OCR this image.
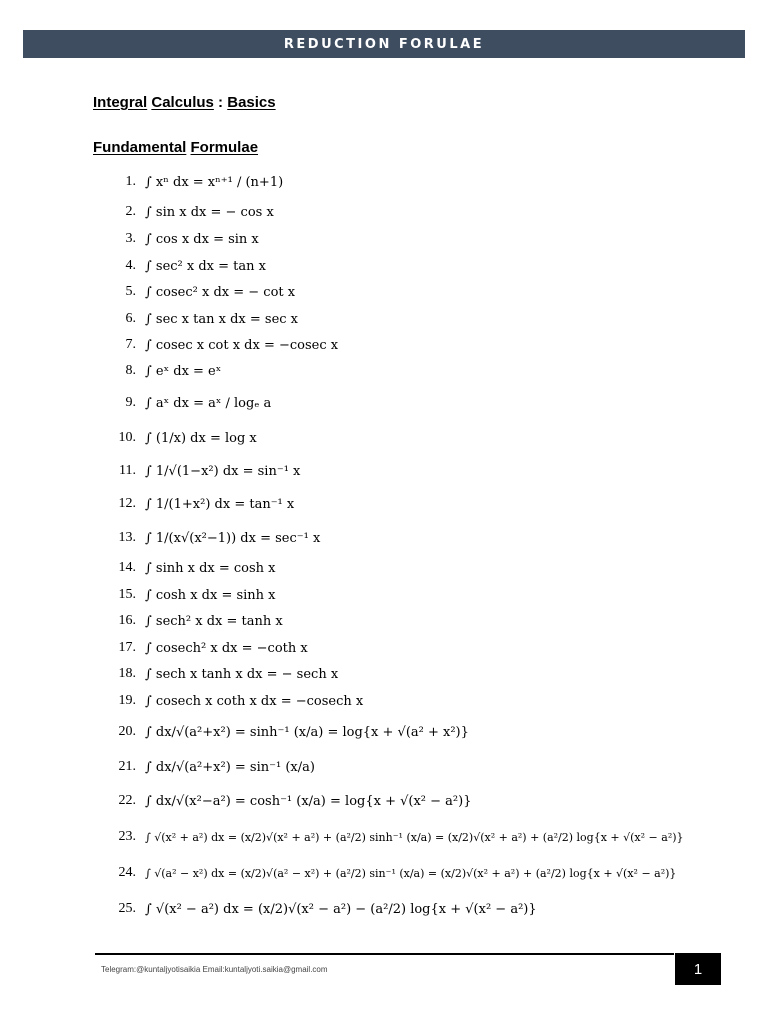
REDUCTION FORULAE
Integral Calculus : Basics
Fundamental Formulae
1. ∫ xⁿ dx = xⁿ⁺¹ / (n+1)
2. ∫ sin x dx = − cos x
3. ∫ cos x dx = sin x
4. ∫ sec² x dx = tan x
5. ∫ cosec² x dx = − cot x
6. ∫ sec x tan x dx = sec x
7. ∫ cosec x cot x dx = −cosec x
8. ∫ eˣ dx = eˣ
9. ∫ aˣ dx = aˣ / logₑ a
10. ∫ (1/x) dx = log x
11. ∫ 1/√(1−x²) dx = sin⁻¹ x
12. ∫ 1/(1+x²) dx = tan⁻¹ x
13. ∫ 1/(x√(x²−1)) dx = sec⁻¹ x
14. ∫ sinh x dx = cosh x
15. ∫ cosh x dx = sinh x
16. ∫ sech² x dx = tanh x
17. ∫ cosech² x dx = −coth x
18. ∫ sech x tanh x dx = − sech x
19. ∫ cosech x coth x dx = −cosech x
20. ∫ dx/√(a²+x²) = sinh⁻¹ (x/a) = log{x + √(a² + x²)}
21. ∫ dx/√(a²+x²) = sin⁻¹ (x/a)
22. ∫ dx/√(x²−a²) = cosh⁻¹ (x/a) = log{x + √(x² − a²)}
23. ∫ √(x² + a²) dx = (x/2)√(x² + a²) + (a²/2) sinh⁻¹ (x/a) = (x/2)√(x² + a²) + (a²/2) log{x + √(x² − a²)}
24. ∫ √(a² − x²) dx = (x/2)√(a² − x²) + (a²/2) sin⁻¹ (x/a) = (x/2)√(x² + a²) + (a²/2) log{x + √(x² − a²)}
25. ∫ √(x² − a²) dx = (x/2)√(x² − a²) − (a²/2) log{x + √(x² − a²)}
Telegram:@kuntaljyotisaikia Email:kuntaljyoti.saikia@gmail.com	1
